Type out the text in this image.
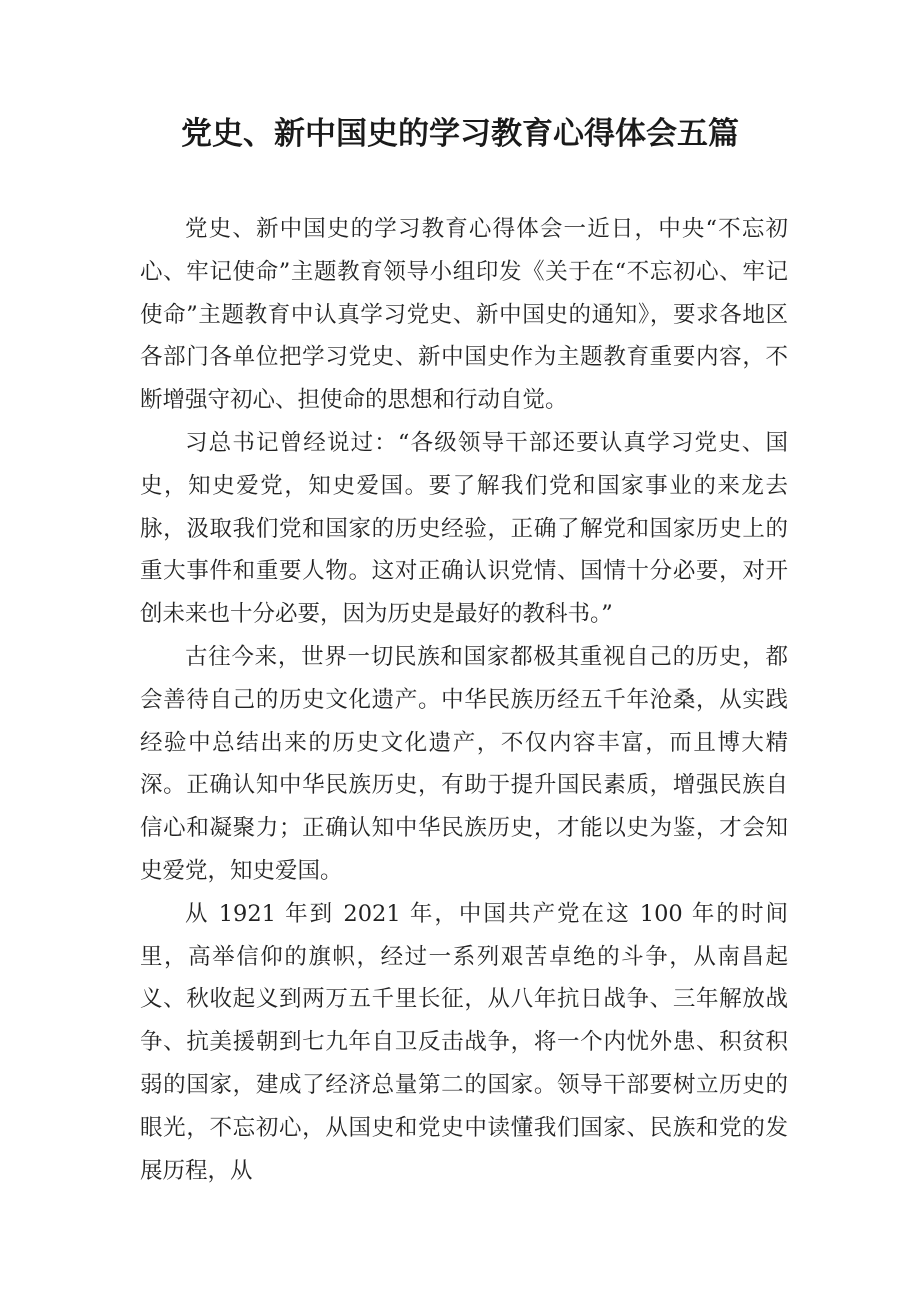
党史、新中国史的学习教育心得体会五篇

党史、新中国史的学习教育心得体会一近日，中央“不忘初心、牢记使命”主题教育领导小组印发《关于在“不忘初心、牢记使命”主题教育中认真学习党史、新中国史的通知》，要求各地区各部门各单位把学习党史、新中国史作为主题教育重要内容，不断增强守初心、担使命的思想和行动自觉。

习总书记曾经说过：“各级领导干部还要认真学习党史、国史，知史爱党，知史爱国。要了解我们党和国家事业的来龙去脉，汲取我们党和国家的历史经验，正确了解党和国家历史上的重大事件和重要人物。这对正确认识党情、国情十分必要，对开创未来也十分必要，因为历史是最好的教科书。”

古往今来，世界一切民族和国家都极其重视自己的历史，都会善待自己的历史文化遗产。中华民族历经五千年沧桑，从实践经验中总结出来的历史文化遗产，不仅内容丰富，而且博大精深。正确认知中华民族历史，有助于提升国民素质，增强民族自信心和凝聚力；正确认知中华民族历史，才能以史为鉴，才会知史爱党，知史爱国。

从 1921 年到 2021 年，中国共产党在这 100 年的时间里，高举信仰的旗帜，经过一系列艰苦卓绝的斗争，从南昌起义、秋收起义到两万五千里长征，从八年抗日战争、三年解放战争、抗美援朝到七九年自卫反击战争，将一个内忧外患、积贫积弱的国家，建成了经济总量第二的国家。领导干部要树立历史的眼光，不忘初心，从国史和党史中读懂我们国家、民族和党的发展历程，从
